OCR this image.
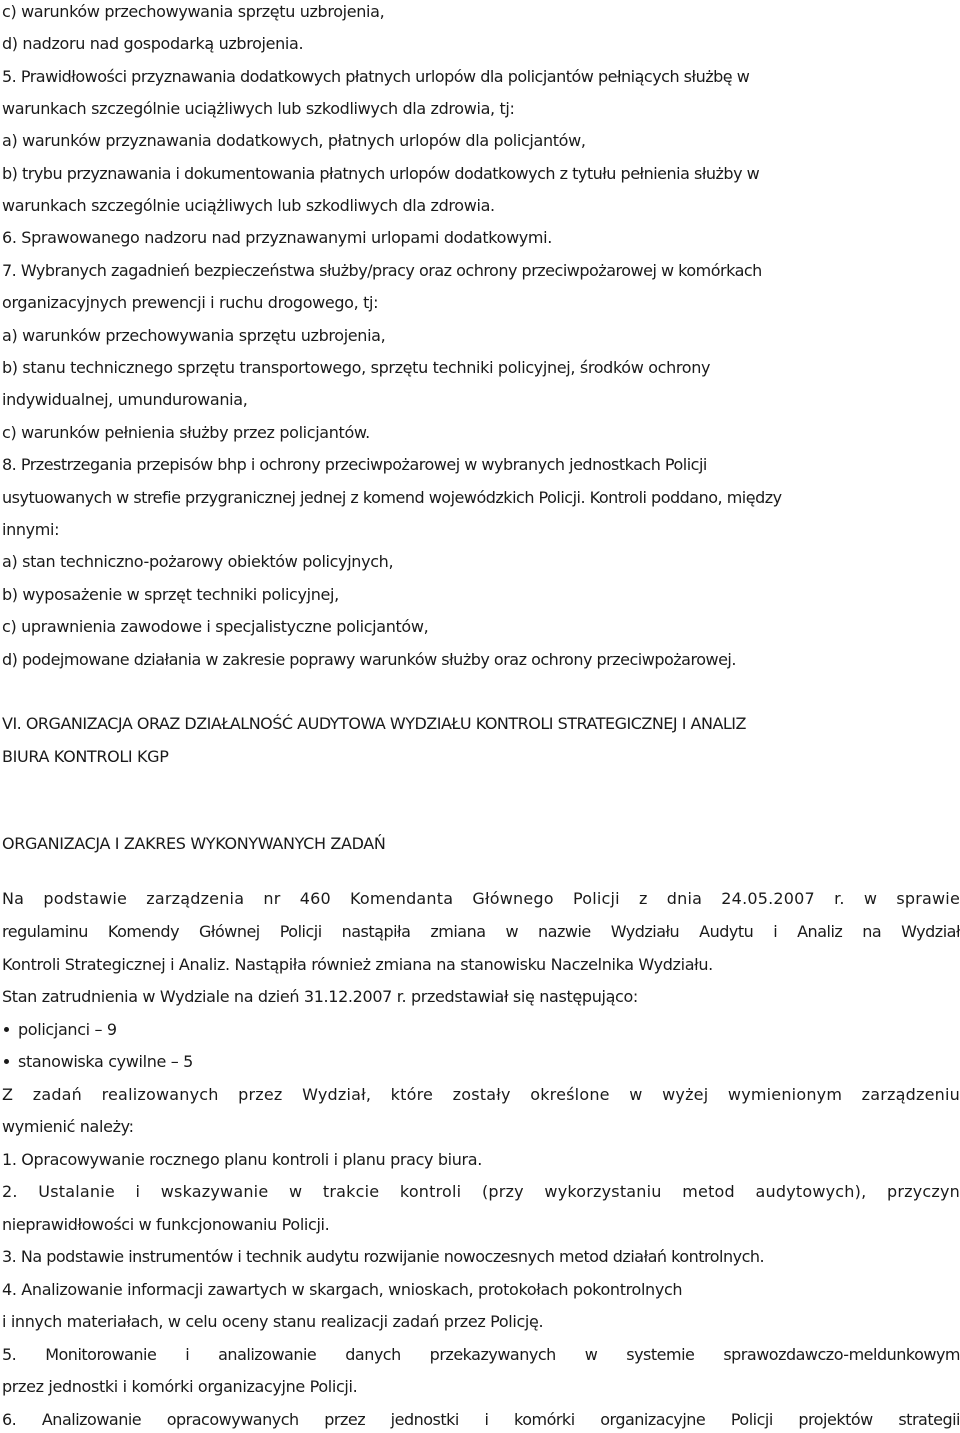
c) warunków przechowywania sprzętu uzbrojenia,
d) nadzoru nad gospodarką uzbrojenia.
5. Prawidłowości przyznawania dodatkowych płatnych urlopów dla policjantów pełniących służbę w
warunkach szczególnie uciążliwych lub szkodliwych dla zdrowia, tj:
a) warunków przyznawania dodatkowych, płatnych urlopów dla policjantów,
b) trybu przyznawania i dokumentowania płatnych urlopów dodatkowych z tytułu pełnienia służby w
warunkach szczególnie uciążliwych lub szkodliwych dla zdrowia.
6. Sprawowanego nadzoru nad przyznawanymi urlopami dodatkowymi.
7. Wybranych zagadnień bezpieczeństwa służby/pracy oraz ochrony przeciwpożarowej w komórkach
organizacyjnych prewencji i ruchu drogowego, tj:
a) warunków przechowywania sprzętu uzbrojenia,
b) stanu technicznego sprzętu transportowego, sprzętu techniki policyjnej, środków ochrony
indywidualnej, umundurowania,
c) warunków pełnienia służby przez policjantów.
8. Przestrzegania przepisów bhp i ochrony przeciwpożarowej w wybranych jednostkach Policji
usytuowanych w strefie przygranicznej jednej z komend wojewódzkich Policji. Kontroli poddano, między
innymi:
a) stan techniczno-pożarowy obiektów policyjnych,
b) wyposażenie w sprzęt techniki policyjnej,
c) uprawnienia zawodowe i specjalistyczne policjantów,
d) podejmowane działania w zakresie poprawy warunków służby oraz ochrony przeciwpożarowej.
VI. ORGANIZACJA ORAZ DZIAŁALNOŚĆ AUDYTOWA WYDZIAŁU KONTROLI STRATEGICZNEJ I ANALIZ
BIURA KONTROLI KGP
ORGANIZACJA I ZAKRES WYKONYWANYCH ZADAŃ
Na podstawie zarządzenia nr 460 Komendanta Głównego Policji z dnia 24.05.2007 r. w sprawie
regulaminu Komendy Głównej Policji nastąpiła zmiana w nazwie Wydziału Audytu i Analiz na Wydział
Kontroli Strategicznej i Analiz. Nastąpiła również zmiana na stanowisku Naczelnika Wydziału.
Stan zatrudnienia w Wydziale na dzień 31.12.2007 r. przedstawiał się następująco:
policjanci – 9
stanowiska cywilne – 5
Z zadań realizowanych przez Wydział, które zostały określone w wyżej wymienionym zarządzeniu
wymienić należy:
1. Opracowywanie rocznego planu kontroli i planu pracy biura.
2. Ustalanie i wskazywanie w trakcie kontroli (przy wykorzystaniu metod audytowych), przyczyn
nieprawidłowości w funkcjonowaniu Policji.
3. Na podstawie instrumentów i technik audytu rozwijanie nowoczesnych metod działań kontrolnych.
4. Analizowanie informacji zawartych w skargach, wnioskach, protokołach pokontrolnych
i innych materiałach, w celu oceny stanu realizacji zadań przez Policję.
5. Monitorowanie i analizowanie danych przekazywanych w systemie sprawozdawczo-meldunkowym
przez jednostki i komórki organizacyjne Policji.
6. Analizowanie opracowywanych przez jednostki i komórki organizacyjne Policji projektów strategii
